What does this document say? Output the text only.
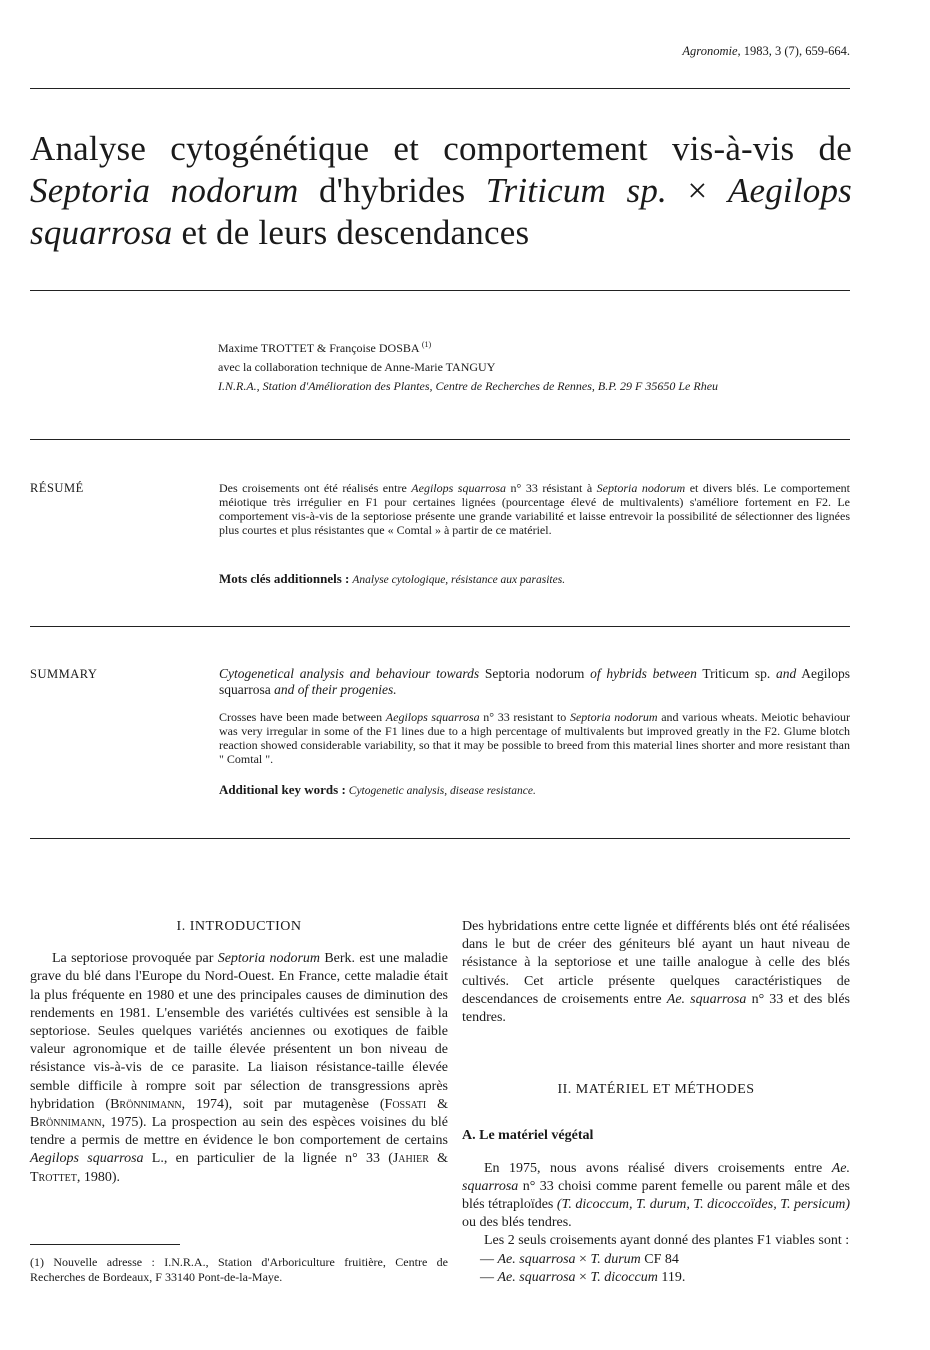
Agronomie, 1983, 3 (7), 659-664.
Analyse cytogénétique et comportement vis-à-vis de Septoria nodorum d'hybrides Triticum sp. × Aegilops squarrosa et de leurs descendances
Maxime TROTTET & Françoise DOSBA $^{(1)}$
avec la collaboration technique de Anne-Marie TANGUY
I.N.R.A., Station d'Amélioration des Plantes, Centre de Recherches de Rennes, B.P. 29 F 35650 Le Rheu
RÉSUMÉ	Des croisements ont été réalisés entre Aegilops squarrosa n° 33 résistant à Septoria nodorum et divers blés. Le comportement méiotique très irrégulier en F1 pour certaines lignées (pourcentage élevé de multivalents) s'améliore fortement en F2. Le comportement vis-à-vis de la septoriose présente une grande variabilité et laisse entrevoir la possibilité de sélectionner des lignées plus courtes et plus résistantes que « Comtal » à partir de ce matériel.
Mots clés additionnels : Analyse cytologique, résistance aux parasites.
SUMMARY	Cytogenetical analysis and behaviour towards Septoria nodorum of hybrids between Triticum sp. and Aegilops squarrosa and of their progenies.
Crosses have been made between Aegilops squarrosa n° 33 resistant to Septoria nodorum and various wheats. Meiotic behaviour was very irregular in some of the F1 lines due to a high percentage of multivalents but improved greatly in the F2. Glume blotch reaction showed considerable variability, so that it may be possible to breed from this material lines shorter and more resistant than " Comtal ".
Additional key words : Cytogenetic analysis, disease resistance.
I. INTRODUCTION

La septoriose provoquée par Septoria nodorum Berk. est une maladie grave du blé dans l'Europe du Nord-Ouest. En France, cette maladie était la plus fréquente en 1980 et une des principales causes de diminution des rendements en 1981. L'ensemble des variétés cultivées est sensible à la septoriose. Seules quelques variétés anciennes ou exotiques de faible valeur agronomique et de taille élevée présentent un bon niveau de résistance vis-à-vis de ce parasite. La liaison résistance-taille élevée semble difficile à rompre soit par sélection de transgressions après hybridation (Brönnimann, 1974), soit par mutagenèse (Fossati & Brönnimann, 1975). La prospection au sein des espèces voisines du blé tendre a permis de mettre en évidence le bon comportement de certains Aegilops squarrosa L., en particulier de la lignée n° 33 (Jahier & Trottet, 1980).

(1) Nouvelle adresse : I.N.R.A., Station d'Arboriculture fruitière, Centre de Recherches de Bordeaux, F 33140 Pont-de-la-Maye.

Des hybridations entre cette lignée et différents blés ont été réalisées dans le but de créer des géniteurs blé ayant un haut niveau de résistance à la septoriose et une taille analogue à celle des blés cultivés. Cet article présente quelques caractéristiques de descendances de croisements entre Ae. squarrosa n° 33 et des blés tendres.

II. MATÉRIEL ET MÉTHODES
A. Le matériel végétal

En 1975, nous avons réalisé divers croisements entre Ae. squarrosa n° 33 choisi comme parent femelle ou parent mâle et des blés tétraploïdes (T. dicoccum, T. durum, T. dicoccoïdes, T. persicum) ou des blés tendres.

Les 2 seuls croisements ayant donné des plantes F1 viables sont :

— Ae. squarrosa × T. durum CF 84
— Ae. squarrosa × T. dicoccum 119.
